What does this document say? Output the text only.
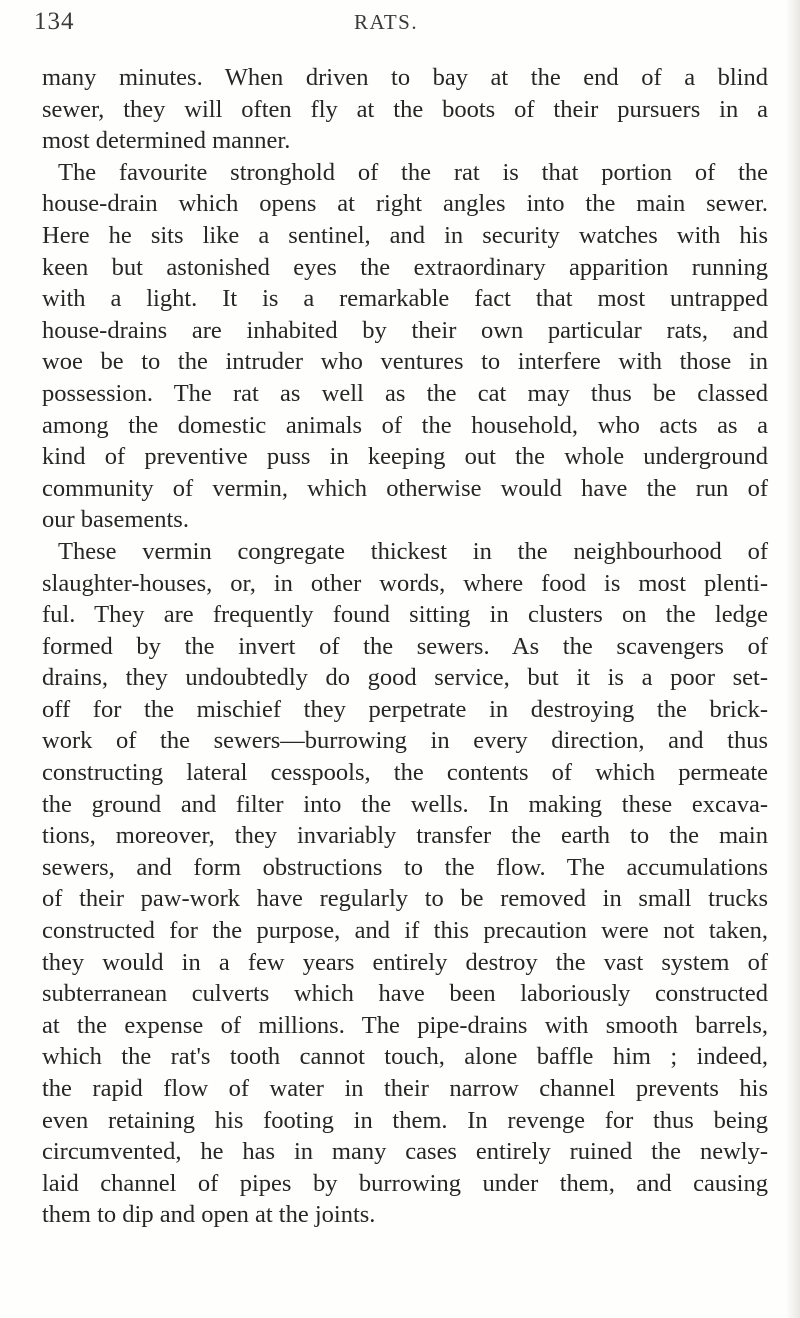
134	RATS.
many minutes. When driven to bay at the end of a blind
sewer, they will often fly at the boots of their pursuers in a
most determined manner.
The favourite stronghold of the rat is that portion of the
house-drain which opens at right angles into the main sewer.
Here he sits like a sentinel, and in security watches with his
keen but astonished eyes the extraordinary apparition running
with a light. It is a remarkable fact that most untrapped
house-drains are inhabited by their own particular rats, and
woe be to the intruder who ventures to interfere with those in
possession. The rat as well as the cat may thus be classed
among the domestic animals of the household, who acts as a
kind of preventive puss in keeping out the whole underground
community of vermin, which otherwise would have the run of
our basements.
These vermin congregate thickest in the neighbourhood of
slaughter-houses, or, in other words, where food is most plenti-
ful. They are frequently found sitting in clusters on the ledge
formed by the invert of the sewers. As the scavengers of
drains, they undoubtedly do good service, but it is a poor set-
off for the mischief they perpetrate in destroying the brick-
work of the sewers—burrowing in every direction, and thus
constructing lateral cesspools, the contents of which permeate
the ground and filter into the wells. In making these excava-
tions, moreover, they invariably transfer the earth to the main
sewers, and form obstructions to the flow. The accumulations
of their paw-work have regularly to be removed in small trucks
constructed for the purpose, and if this precaution were not taken,
they would in a few years entirely destroy the vast system of
subterranean culverts which have been laboriously constructed
at the expense of millions. The pipe-drains with smooth barrels,
which the rat's tooth cannot touch, alone baffle him ; indeed,
the rapid flow of water in their narrow channel prevents his
even retaining his footing in them. In revenge for thus being
circumvented, he has in many cases entirely ruined the newly-
laid channel of pipes by burrowing under them, and causing
them to dip and open at the joints.
